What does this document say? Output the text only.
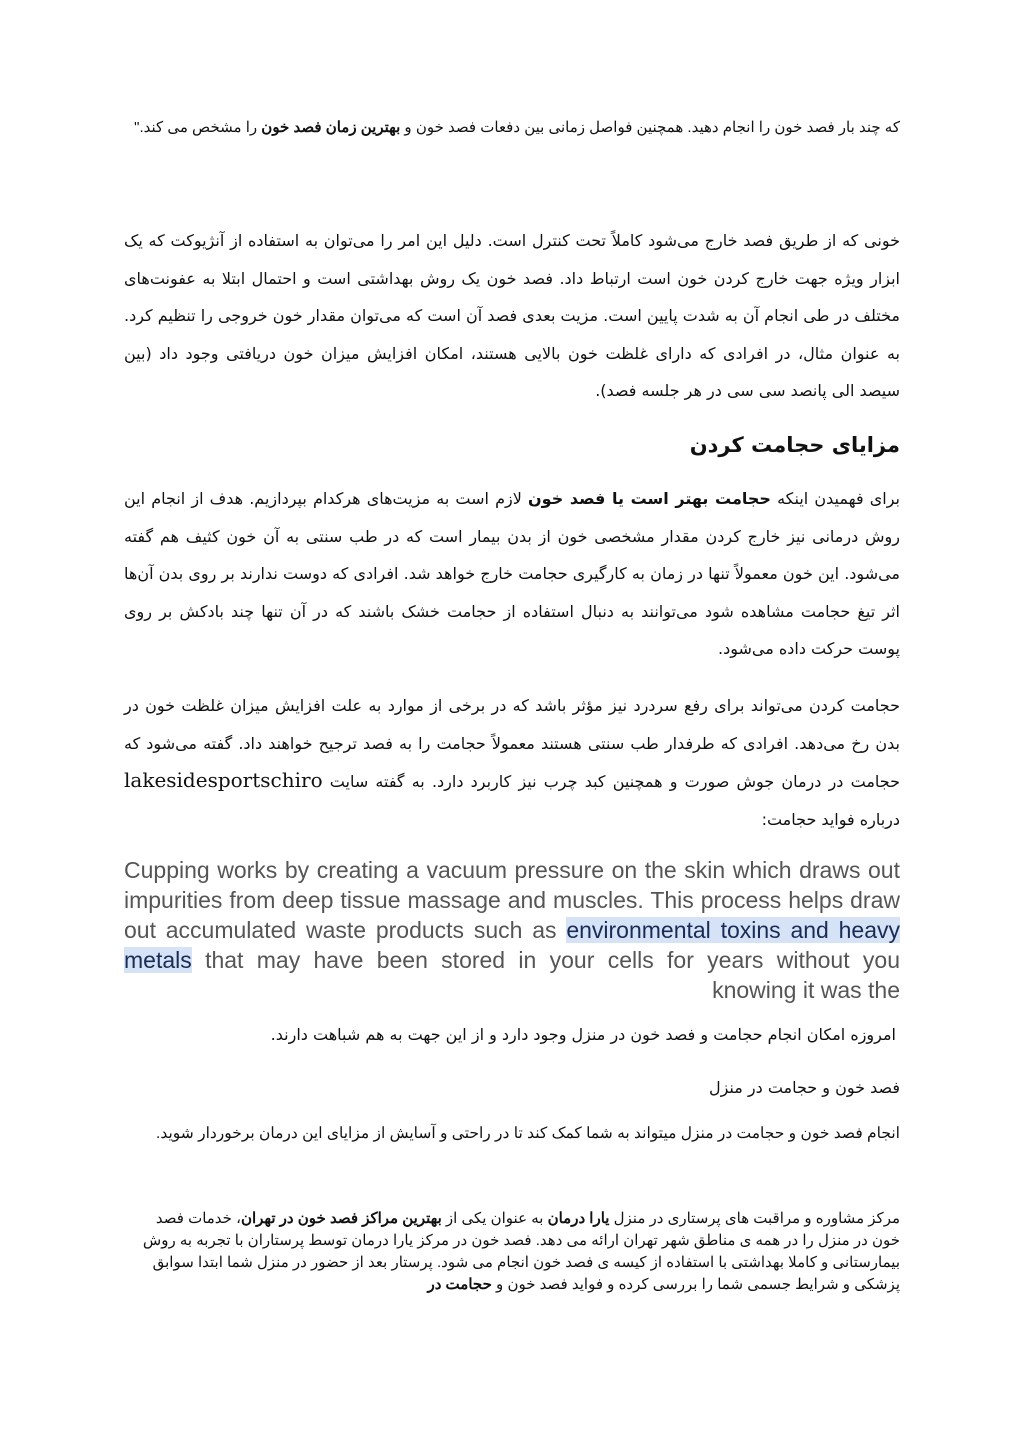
که چند بار فصد خون را انجام دهید. همچنین فواصل زمانی بین دفعات فصد خون و بهترین زمان فصد خون را مشخص می کند."

خونی که از طریق فصد خارج می‌شود کاملاً تحت کنترل است. دلیل این امر را می‌توان به استفاده از آنژیوکت که یک ابزار ویژه جهت خارج کردن خون است ارتباط داد. فصد خون یک روش بهداشتی است و احتمال ابتلا به عفونت‌های مختلف در طی انجام آن به شدت پایین است. مزیت بعدی فصد آن است که می‌توان مقدار خون خروجی را تنظیم کرد. به عنوان مثال، در افرادی که دارای غلظت خون بالایی هستند، امکان افزایش میزان خون دریافتی وجود داد (بین سیصد الی پانصد سی سی در هر جلسه فصد).

مزایای حجامت کردن

برای فهمیدن اینکه حجامت بهتر است یا فصد خون لازم است به مزیت‌های هرکدام بپردازیم. هدف از انجام این روش درمانی نیز خارج کردن مقدار مشخصی خون از بدن بیمار است که در طب سنتی به آن خون کثیف هم گفته می‌شود. این خون معمولاً تنها در زمان به کارگیری حجامت خارج خواهد شد. افرادی که دوست ندارند بر روی بدن آن‌ها اثر تیغ حجامت مشاهده شود می‌توانند به دنبال استفاده از حجامت خشک باشند که در آن تنها چند بادکش بر روی پوست حرکت داده می‌شود.

حجامت کردن می‌تواند برای رفع سردرد نیز مؤثر باشد که در برخی از موارد به علت افزایش میزان غلظت خون در بدن رخ می‌دهد. افرادی که طرفدار طب سنتی هستند معمولاً حجامت را به فصد ترجیح خواهند داد. گفته می‌شود که حجامت در درمان جوش صورت و همچنین کبد چرب نیز کاربرد دارد. به گفته سایت lakesidesportschiro درباره فواید حجامت:

Cupping works by creating a vacuum pressure on the skin which draws out impurities from deep tissue massage and muscles. This process helps draw out accumulated waste products such as environmental toxins and heavy metals that may have been stored in your cells for years without you knowing it was the

امروزه امکان انجام حجامت و فصد خون در منزل وجود دارد و از این جهت به هم شباهت دارند.

فصد خون و حجامت در منزل

انجام فصد خون و حجامت در منزل میتواند به شما کمک کند تا در راحتی و آسایش از مزایای این درمان برخوردار شوید.

مرکز مشاوره و مراقبت های پرستاری در منزل یارا درمان به عنوان یکی از بهترین مراکز فصد خون در تهران، خدمات فصد خون در منزل را در همه ی مناطق شهر تهران ارائه می دهد. فصد خون در مرکز یارا درمان توسط پرستاران با تجربه به روش بیمارستانی و کاملا بهداشتی با استفاده از کیسه ی فصد خون انجام می شود. پرستار بعد از حضور در منزل شما ابتدا سوابق پزشکی و شرایط جسمی شما را بررسی کرده و فواید فصد خون و حجامت در
